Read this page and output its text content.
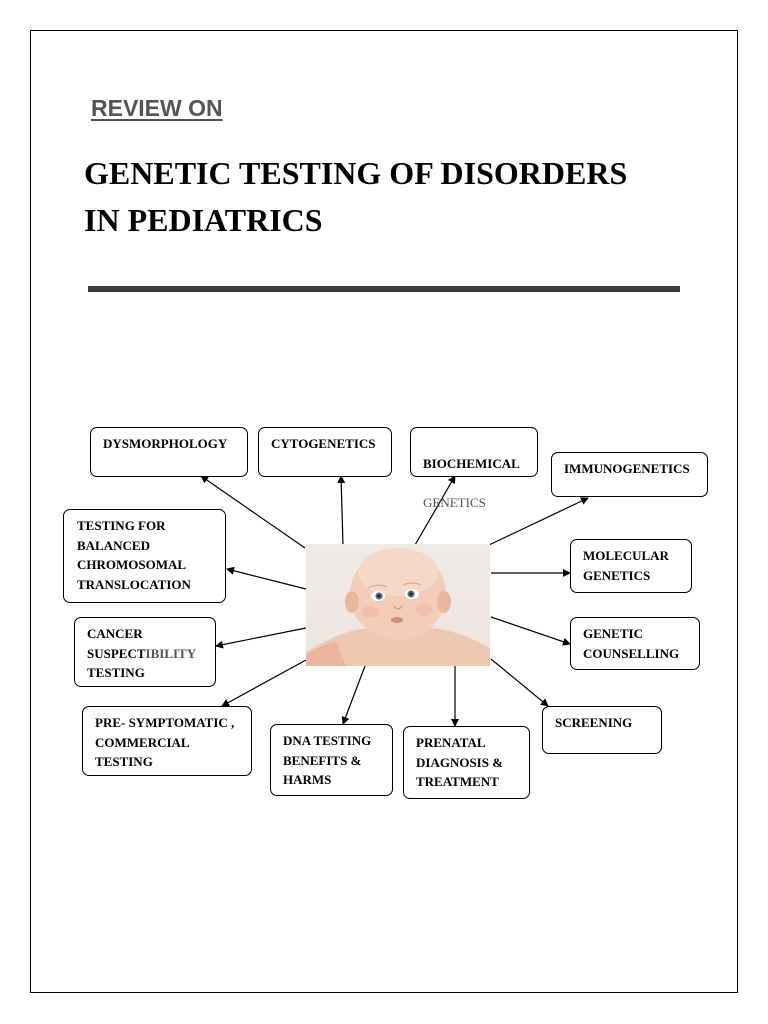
REVIEW ON
GENETIC TESTING OF DISORDERS
IN PEDIATRICS
DYSMORPHOLOGY	CYTOGENETICS

BIOCHEMICAL

GENETICS

IMMUNOGENETICS
TESTING FOR
BALANCED
CHROMOSOMAL
TRANSLOCATION
MOLECULAR
GENETICS
CANCER
SUSPECTIBILITY
TESTING
GENETIC
COUNSELLING
PRE- SYMPTOMATIC ,
COMMERCIAL
TESTING
DNA TESTING
BENEFITS &
HARMS
PRENATAL
DIAGNOSIS &
TREATMENT
SCREENING
